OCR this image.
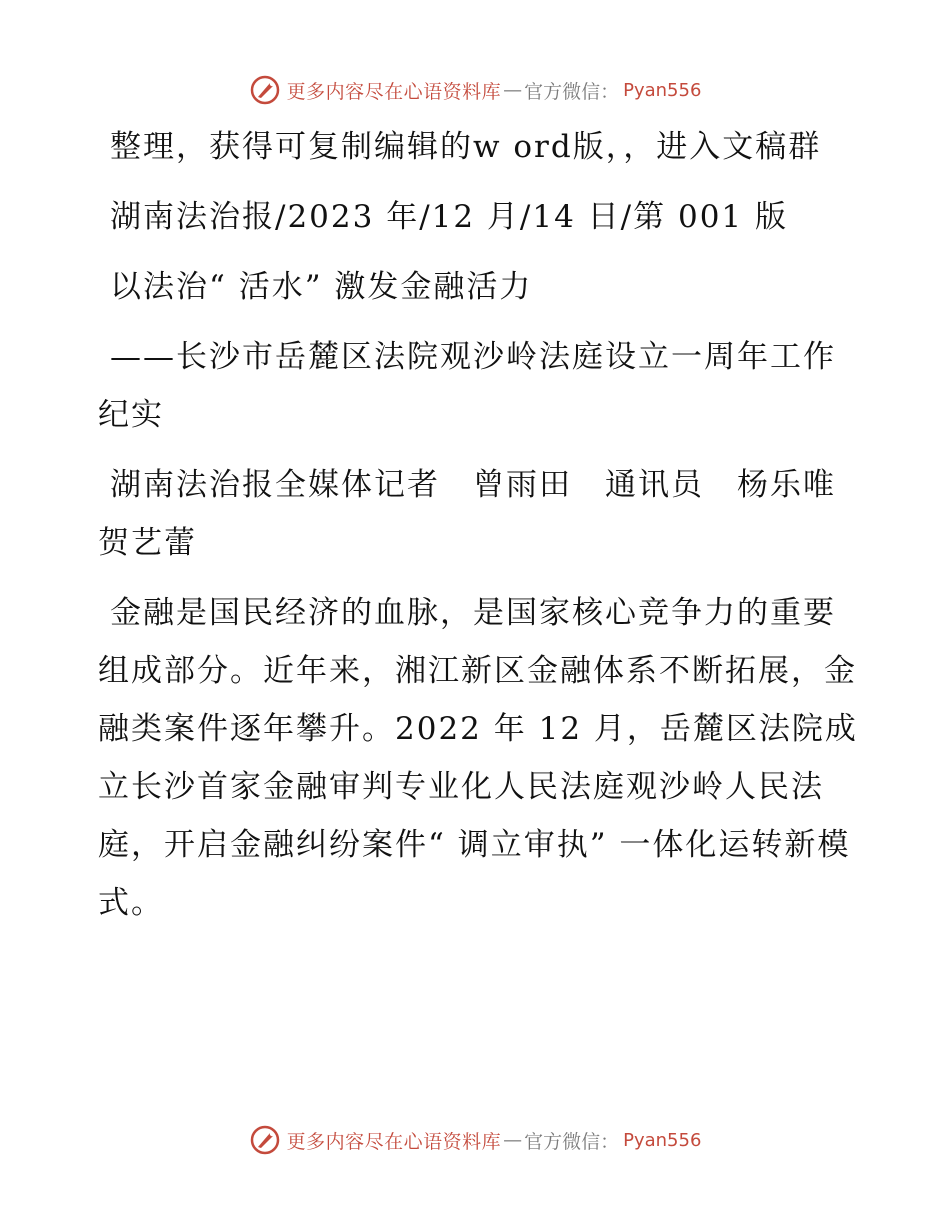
更多内容尽在心语资料库 — 官方微信： Pyan556

整理，获得可复制编辑的w ord版，，进入文稿群

湖南法治报/2023 年/12 月/14 日/第 001 版

以法治“ 活水” 激发金融活力

——长沙市岳麓区法院观沙岭法庭设立一周年工作纪实

湖南法治报全媒体记者　曾雨田　通讯员　杨乐唯　贺艺蕾

金融是国民经济的血脉，是国家核心竞争力的重要组成部分。近年来，湘江新区金融体系不断拓展，金融类案件逐年攀升。2022 年 12 月，岳麓区法院成立长沙首家金融审判专业化人民法庭观沙岭人民法庭，开启金融纠纷案件“ 调立审执” 一体化运转新模式。

更多内容尽在心语资料库 — 官方微信： Pyan556
